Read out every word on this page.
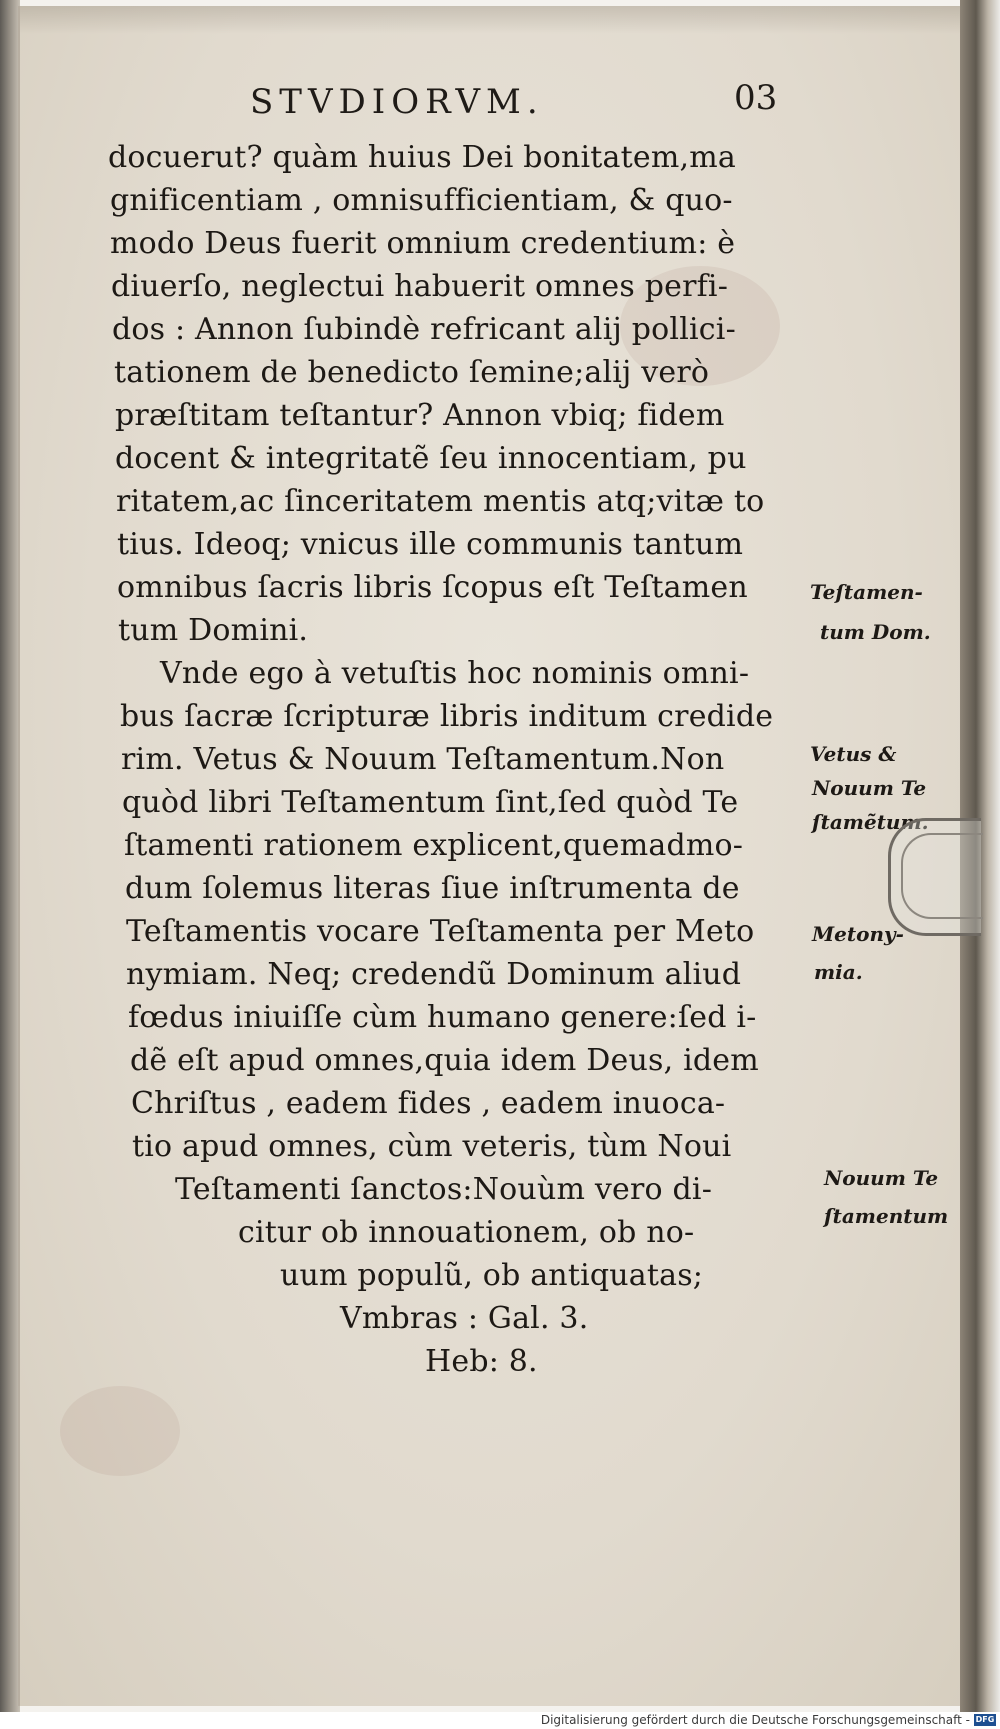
STVDIORVM.	03
docuerut? quàm huius Dei bonitatem,ma
gnificentiam , omnisufficientiam, & quo-
modo Deus fuerit omnium credentium: è
diuerſo, neglectui habuerit omnes perfi-
dos : Annon ſubindè refricant alij pollici-
tationem de benedicto ſemine;alij verò
præſtitam teſtantur? Annon vbiq; fidem
docent & integritatẽ ſeu innocentiam, pu
ritatem,ac ſinceritatem mentis atq;vitæ to
tius. Ideoq; vnicus ille communis tantum
omnibus ſacris libris ſcopus eſt Teſtamen
tum Domini.
Vnde ego à vetuſtis hoc nominis omni-
bus ſacræ ſcripturæ libris inditum credide
rim. Vetus & Nouum Teſtamentum.Non
quòd libri Teſtamentum ſint,ſed quòd Te
ſtamenti rationem explicent,quemadmo-
dum ſolemus literas ſiue inſtrumenta de
Teſtamentis vocare Teſtamenta per Meto
nymiam. Neq; credendũ Dominum aliud
fœdus iniuiſſe cùm humano genere:ſed i-
dẽ eſt apud omnes,quia idem Deus, idem
Chriſtus , eadem fides , eadem inuoca-
tio apud omnes, cùm veteris, tùm Noui
Teſtamenti ſanctos:Nouùm vero di-
citur ob innouationem, ob no-
uum populũ, ob antiquatas;
Vmbras : Gal. 3.
Heb: 8.
Teſtamen-
tum Dom.
Vetus &
Nouum Te
ſtamẽtum.
Metony-
mia.
Nouum Te
ſtamentum
Digitalisierung gefördert durch die Deutsche Forschungsgemeinschaft - DFG
